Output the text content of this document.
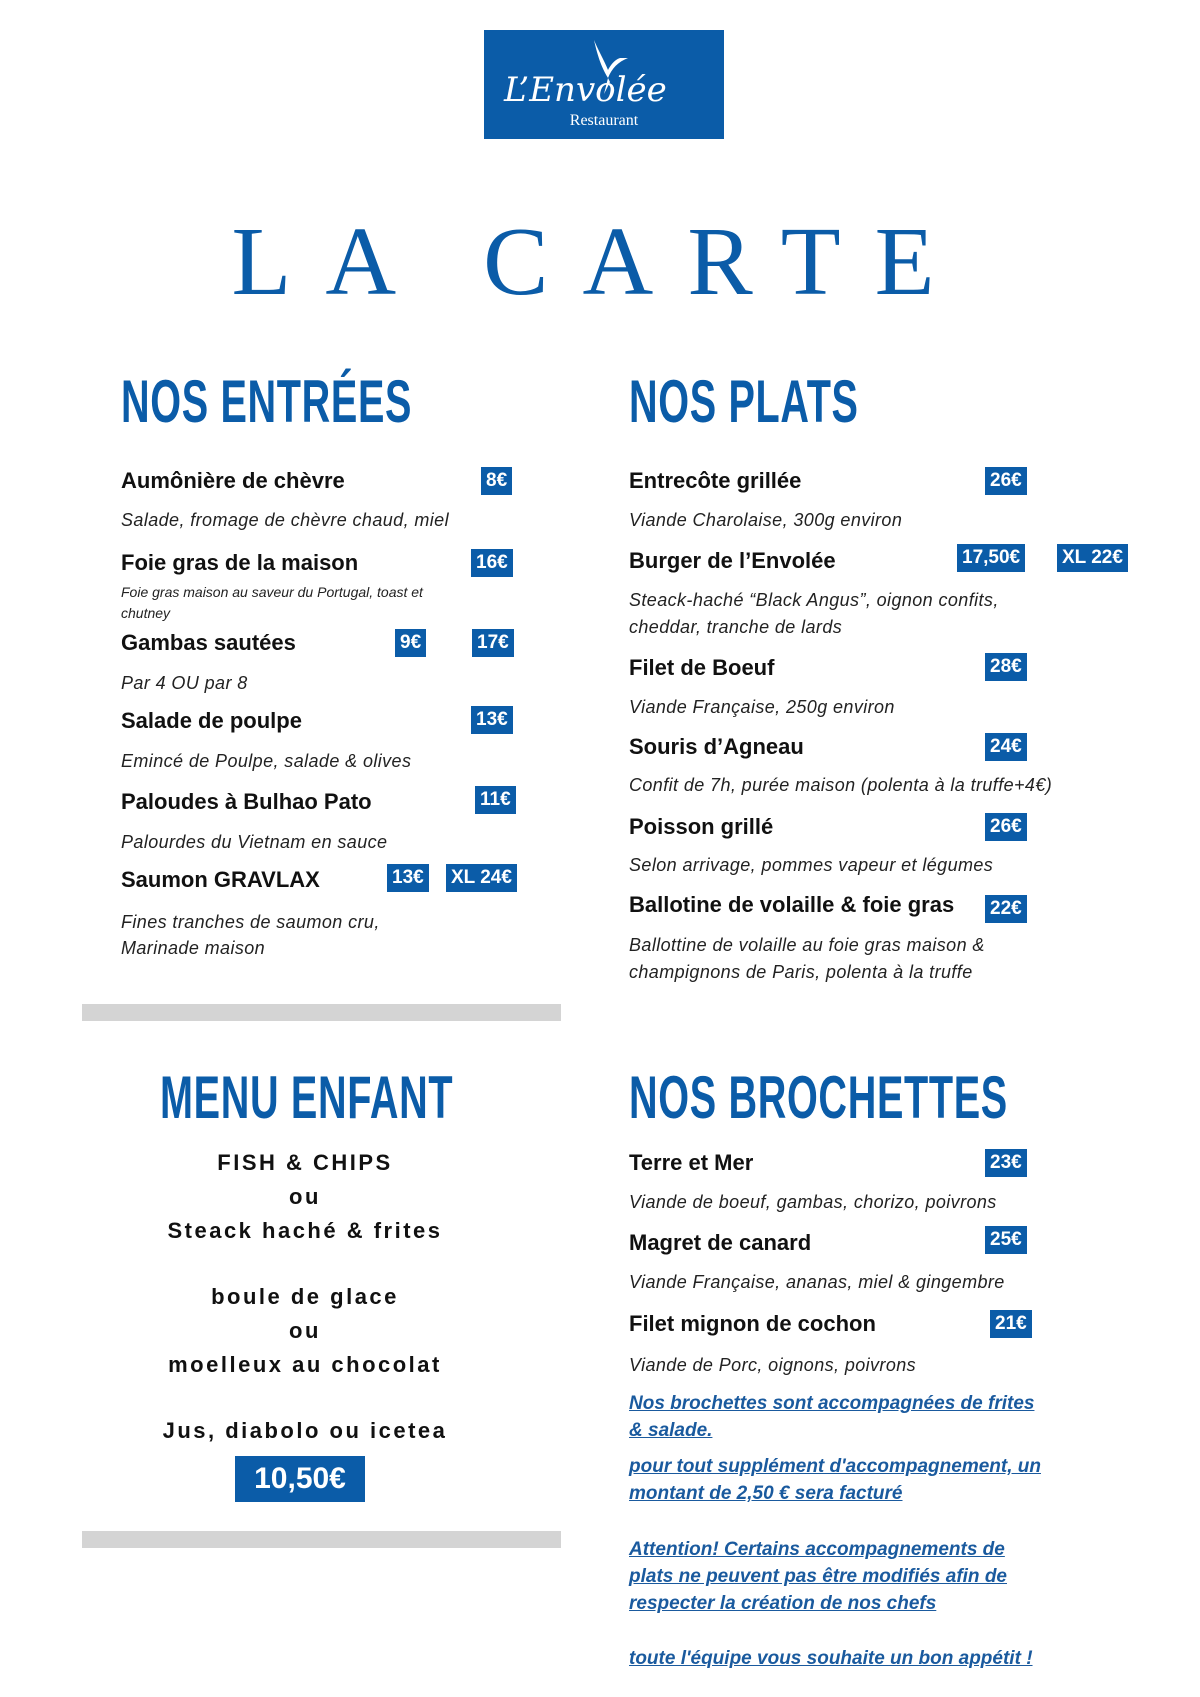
L’Envolée
Restaurant
LA CARTE
NOS ENTRÉES
Aumônière de chèvre	8€
Salade, fromage de chèvre chaud, miel
Foie gras de la maison	16€
Foie gras maison au saveur du Portugal, toast et
chutney
Gambas sautées	9€	17€
Par 4 OU par 8
Salade de poulpe	13€
Emincé de Poulpe, salade & olives
Paloudes à Bulhao Pato	11€
Palourdes du Vietnam en sauce
Saumon GRAVLAX	13€ XL 24€
Fines tranches de saumon cru,
Marinade maison
NOS PLATS
Entrecôte grillée	26€
Viande Charolaise, 300g environ
Burger de l’Envolée	17,50€ XL 22€
Steack-haché “Black Angus”, oignon confits,
cheddar, tranche de lards
Filet de Boeuf	28€
Viande Française, 250g environ
Souris d’Agneau	24€
Confit de 7h, purée maison (polenta à la truffe+4€)
Poisson grillé	26€
Selon arrivage, pommes vapeur et légumes
Ballotine de volaille & foie gras 22€
Ballottine de volaille au foie gras maison &
champignons de Paris, polenta à la truffe
MENU ENFANT
FISH & CHIPS
ou
Steack haché & frites
boule de glace
ou
moelleux au chocolat
Jus, diabolo ou icetea
10,50€
NOS BROCHETTES
Terre et Mer	23€
Viande de boeuf, gambas, chorizo, poivrons
Magret de canard	25€
Viande Française, ananas, miel & gingembre
Filet mignon de cochon	21€
Viande de Porc, oignons, poivrons
Nos brochettes sont accompagnées de frites
& salade.
pour tout supplément d'accompagnement, un
montant de 2,50 € sera facturé
Attention! Certains accompagnements de
plats ne peuvent pas être modifiés afin de
respecter la création de nos chefs
toute l'équipe vous souhaite un bon appétit !
